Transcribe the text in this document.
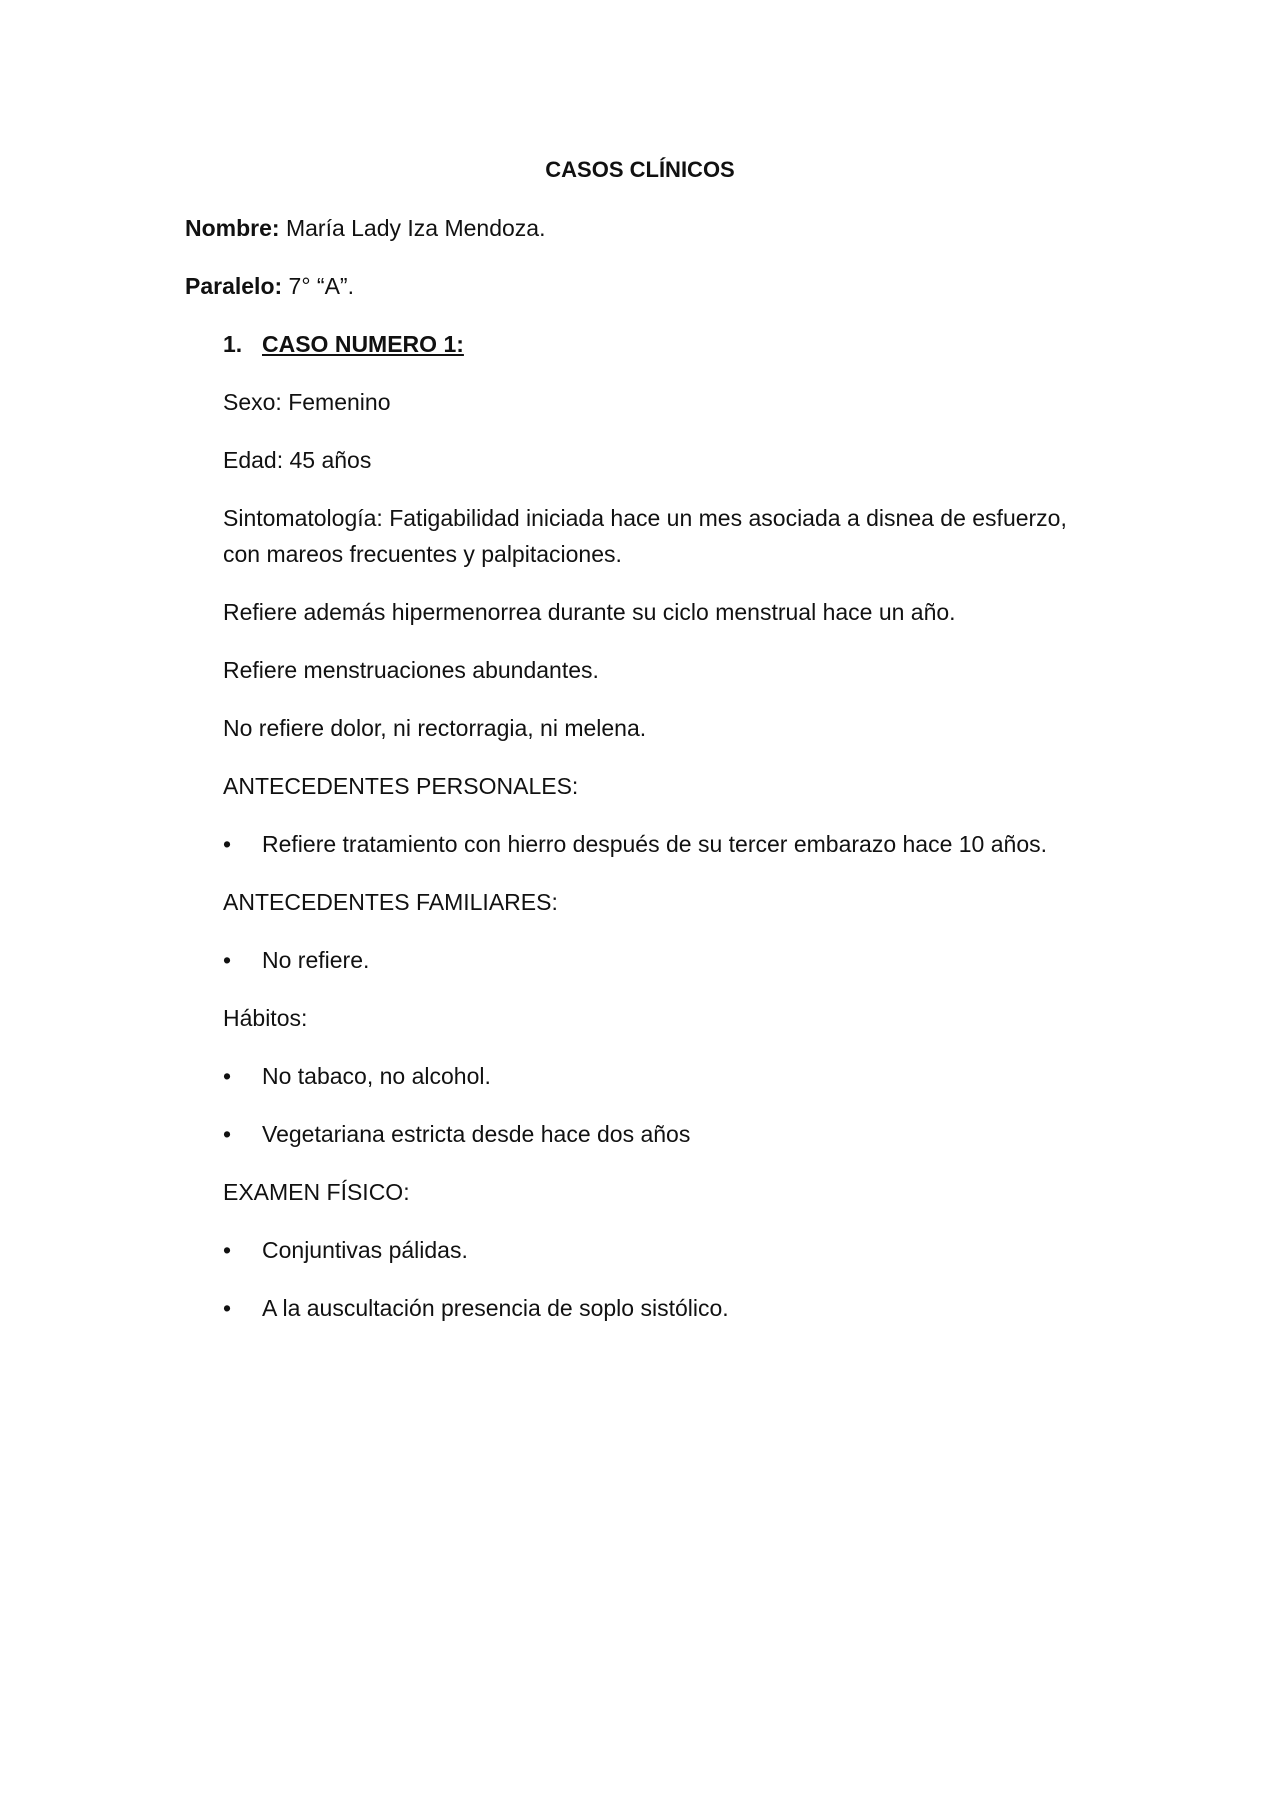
CASOS CLÍNICOS
Nombre: María Lady Iza Mendoza.
Paralelo: 7° “A”.
1. CASO NUMERO 1:
Sexo: Femenino
Edad: 45 años
Sintomatología: Fatigabilidad iniciada hace un mes asociada a disnea de esfuerzo,
con mareos frecuentes y palpitaciones.
Refiere además hipermenorrea durante su ciclo menstrual hace un año.
Refiere menstruaciones abundantes.
No refiere dolor, ni rectorragia, ni melena.
ANTECEDENTES PERSONALES:
• Refiere tratamiento con hierro después de su tercer embarazo hace 10 años.
ANTECEDENTES FAMILIARES:
• No refiere.
Hábitos:
• No tabaco, no alcohol.
• Vegetariana estricta desde hace dos años
EXAMEN FÍSICO:
• Conjuntivas pálidas.
• A la auscultación presencia de soplo sistólico.
